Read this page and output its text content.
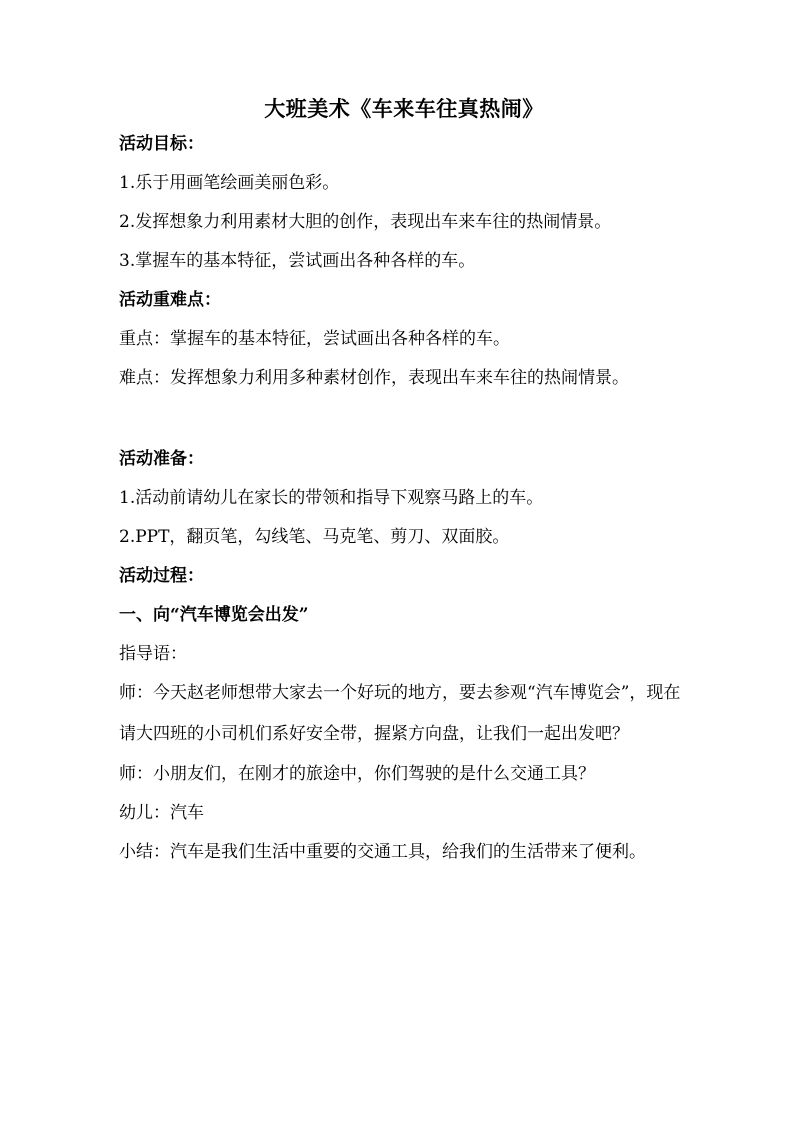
大班美术《车来车往真热闹》
活动目标：
1.乐于用画笔绘画美丽色彩。
2.发挥想象力利用素材大胆的创作，表现出车来车往的热闹情景。
3.掌握车的基本特征，尝试画出各种各样的车。
活动重难点：
重点：掌握车的基本特征，尝试画出各种各样的车。
难点：发挥想象力利用多种素材创作，表现出车来车往的热闹情景。
活动准备：
1.活动前请幼儿在家长的带领和指导下观察马路上的车。
2.PPT，翻页笔，勾线笔、马克笔、剪刀、双面胶。
活动过程：
一、向“汽车博览会出发”
指导语：
师：今天赵老师想带大家去一个好玩的地方，要去参观“汽车博览会”，现在请大四班的小司机们系好安全带，握紧方向盘，让我们一起出发吧？
师：小朋友们，在刚才的旅途中，你们驾驶的是什么交通工具？
幼儿：汽车
小结：汽车是我们生活中重要的交通工具，给我们的生活带来了便利。
